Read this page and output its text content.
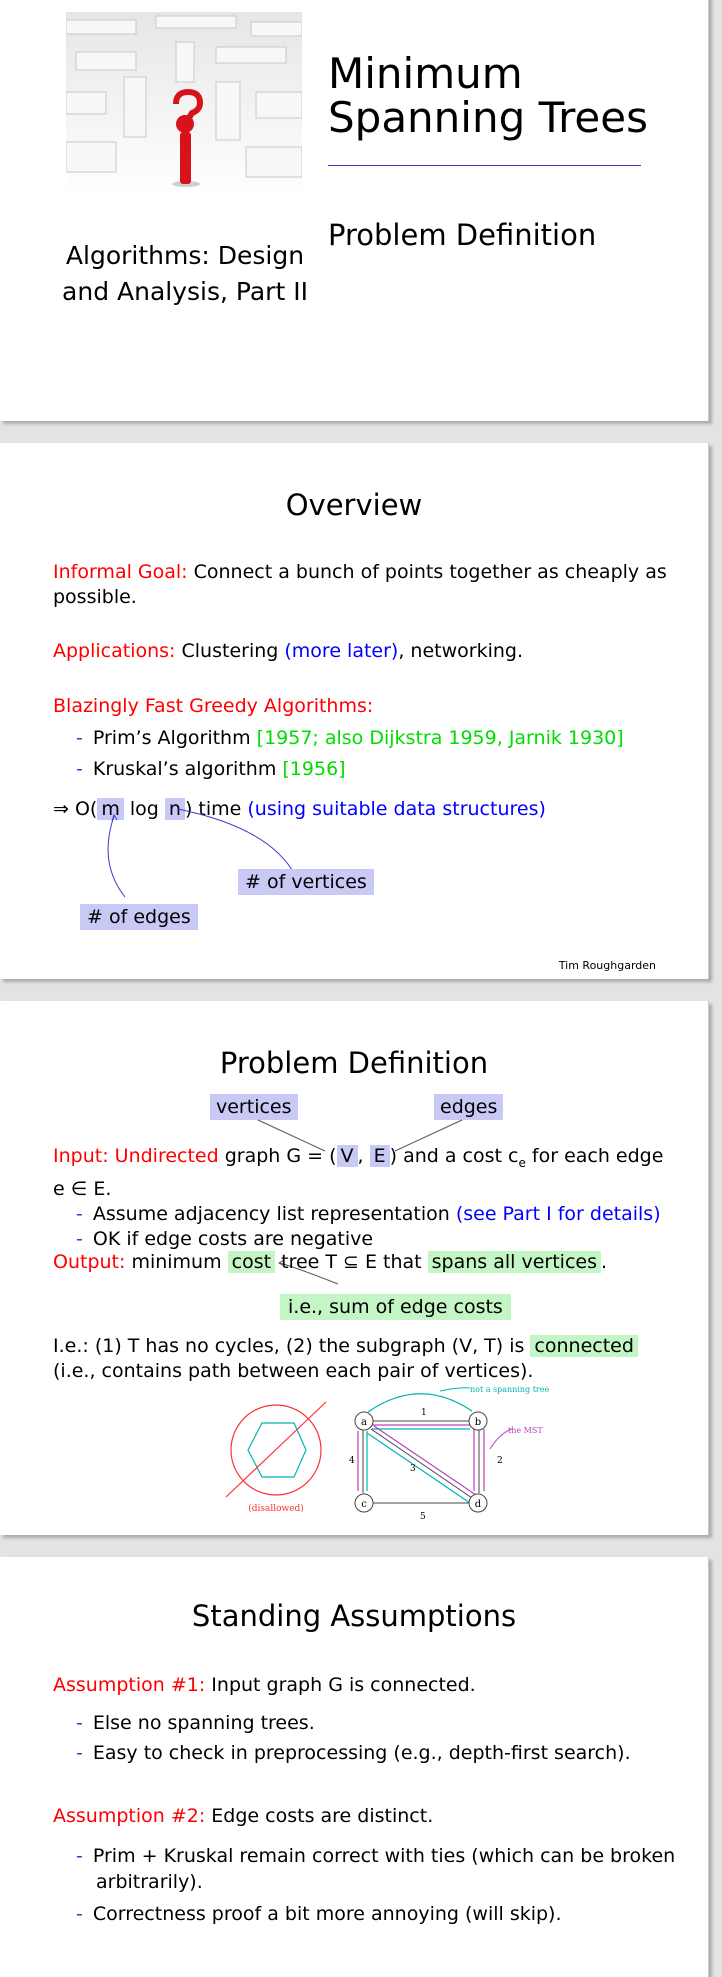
Minimum
Spanning Trees
Problem Definition
Algorithms: Design
and Analysis, Part II
Overview
Informal Goal: Connect a bunch of points together as cheaply as
possible.
Applications: Clustering (more later), networking.
Blazingly Fast Greedy Algorithms:
- Prim’s Algorithm [1957; also Dijkstra 1959, Jarnik 1930]
- Kruskal’s algorithm [1956]
⇒ O( m log n ) time (using suitable data structures)
# of vertices
# of edges
Tim Roughgarden
Problem Definition
vertices	edges
Input: Undirected graph G = ( V , E ) and a cost $c_e$ for each edge
e ∈ E.
- Assume adjacency list representation (see Part I for details)
- OK if edge costs are negative
Output: minimum cost tree T ⊆ E that spans all vertices .
i.e., sum of edge costs
I.e.: (1) T has no cycles, (2) the subgraph (V, T) is connected
(i.e., contains path between each pair of vertices).
(disallowed)
a	b
c	d
1
2
3
4
5
not a spanning tree
the MST
Standing Assumptions
Assumption #1: Input graph G is connected.
- Else no spanning trees.
- Easy to check in preprocessing (e.g., depth-first search).
Assumption #2: Edge costs are distinct.
- Prim + Kruskal remain correct with ties (which can be broken
arbitrarily).
- Correctness proof a bit more annoying (will skip).
